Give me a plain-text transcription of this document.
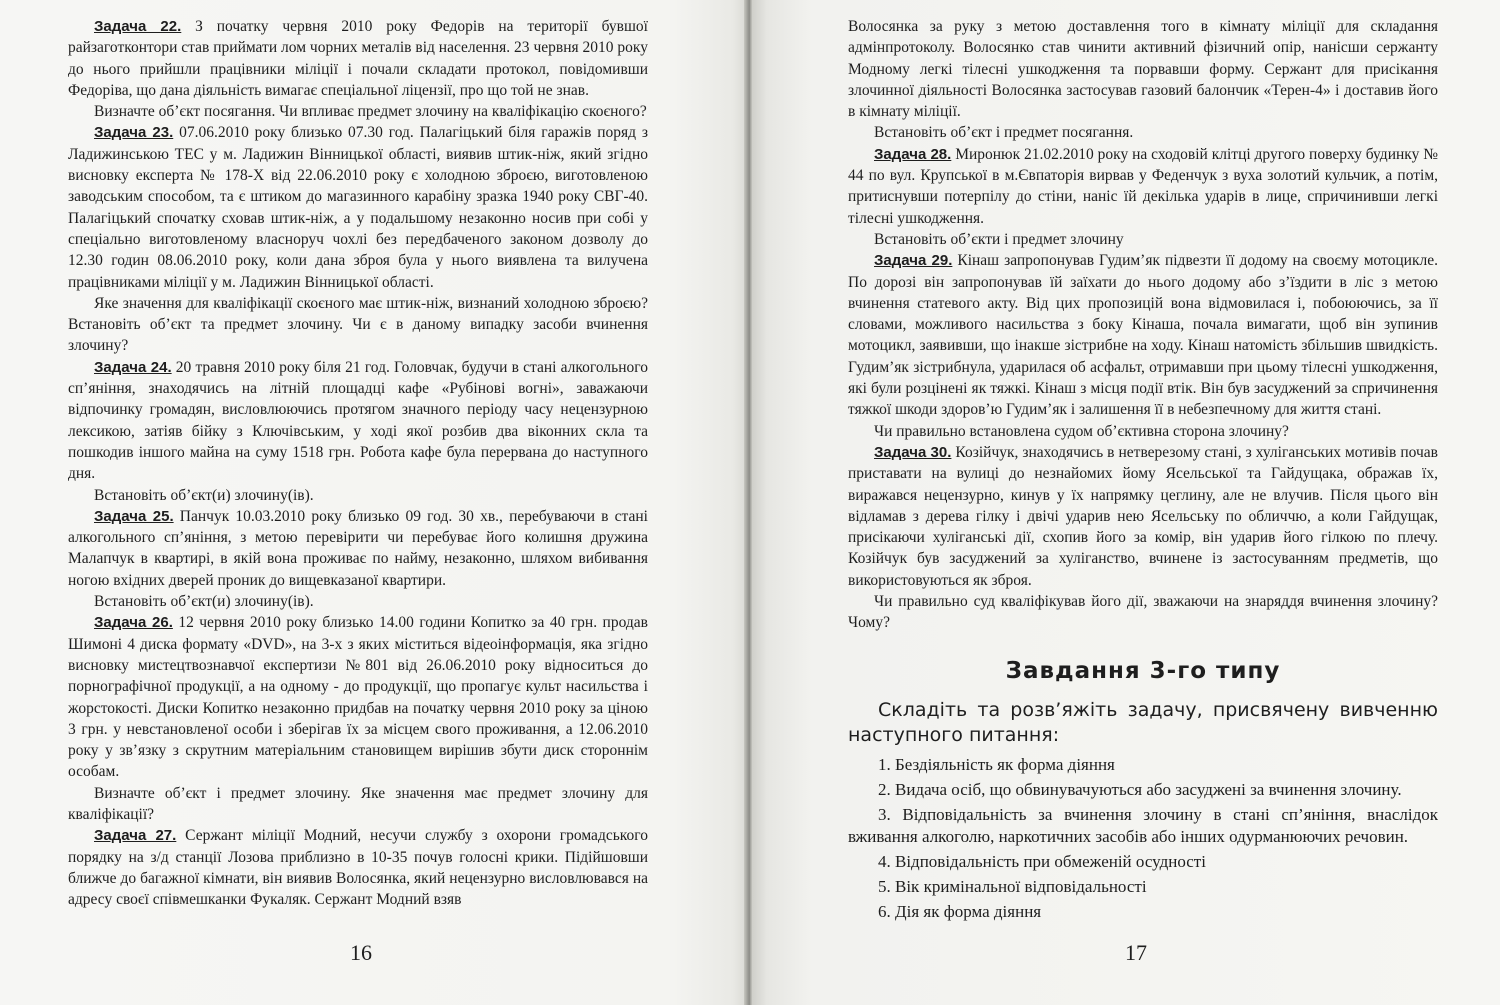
Задача 22. З початку червня 2010 року Федорів на території бувшої райзаготконтори став приймати лом чорних металів від населення. 23 червня 2010 року до нього прийшли працівники міліції і почали складати протокол, повідомивши Федоріва, що дана діяльність вимагає спеціальної ліцензії, про що той не знав.

Визначте об’єкт посягання. Чи впливає предмет злочину на кваліфікацію скоєного?

Задача 23. 07.06.2010 року близько 07.30 год. Палагіцький біля гаражів поряд з Ладижинською ТЕС у м. Ладижин Вінницької області, виявив штик-ніж, який згідно висновку експерта № 178-Х від 22.06.2010 року є холодною зброєю, виготовленою заводським способом, та є штиком до магазинного карабіну зразка 1940 року СВГ-40. Палагіцький спочатку сховав штик-ніж, а у подальшому незаконно носив при собі у спеціально виготовленому власноруч чохлі без передбаченого законом дозволу до 12.30 годин 08.06.2010 року, коли дана зброя була у нього виявлена та вилучена працівниками міліції у м. Ладижин Вінницької області.

Яке значення для кваліфікації скоєного має штик-ніж, визнаний холодною зброєю? Встановіть об’єкт та предмет злочину. Чи є в даному випадку засоби вчинення злочину?

Задача 24. 20 травня 2010 року біля 21 год. Головчак, будучи в стані алкогольного сп’яніння, знаходячись на літній площадці кафе «Рубінові вогні», заважаючи відпочинку громадян, висловлюючись протягом значного періоду часу нецензурною лексикою, затіяв бійку з Ключівським, у ході якої розбив два віконних скла та пошкодив іншого майна на суму 1518 грн. Робота кафе була перервана до наступного дня.

Встановіть об’єкт(и) злочину(ів).

Задача 25. Панчук 10.03.2010 року близько 09 год. 30 хв., перебуваючи в стані алкогольного сп’яніння, з метою перевірити чи перебуває його колишня дружина Малапчук в квартирі, в якій вона проживає по найму, незаконно, шляхом вибивання ногою вхідних дверей проник до вищевказаної квартири.

Встановіть об’єкт(и) злочину(ів).

Задача 26. 12 червня 2010 року близько 14.00 години Копитко за 40 грн. продав Шимоні 4 диска формату «DVD», на 3-х з яких міститься відеоінформація, яка згідно висновку мистецтвознавчої експертизи №801 від 26.06.2010 року відноситься до порнографічної продукції, а на одному - до продукції, що пропагує культ насильства і жорстокості. Диски Копитко незаконно придбав на початку червня 2010 року за ціною 3 грн. у невстановленої особи і зберігав їх за місцем свого проживання, а 12.06.2010 року у зв’язку з скрутним матеріальним становищем вирішив збути диск стороннім особам.

Визначте об’єкт і предмет злочину. Яке значення має предмет злочину для кваліфікації?

Задача 27. Сержант міліції Модний, несучи службу з охорони громадського порядку на з/д станції Лозова приблизно в 10-35 почув голосні крики. Підійшовши ближче до багажної кімнати, він виявив Волосянка, який нецензурно висловлювався на адресу своєї співмешканки Фукаляк. Сержант Модний взяв

16

Волосянка за руку з метою доставлення того в кімнату міліції для складання адмінпротоколу. Волосянко став чинити активний фізичний опір, нанісши сержанту Модному легкі тілесні ушкодження та порвавши форму. Сержант для присікання злочинної діяльності Волосянка застосував газовий балончик «Терен-4» і доставив його в кімнату міліції.

Встановіть об’єкт і предмет посягання.

Задача 28. Миронюк 21.02.2010 року на сходовій клітці другого поверху будинку № 44 по вул. Крупської в м.Євпаторія вирвав у Феденчук з вуха золотий кульчик, а потім, притиснувши потерпілу до стіни, наніс їй декілька ударів в лице, спричинивши легкі тілесні ушкодження.

Встановіть об’єкти і предмет злочину

Задача 29. Кінаш запропонував Гудим’як підвезти її додому на своєму мотоцикле. По дорозі він запропонував їй заїхати до нього додому або з’їздити в ліс з метою вчинення статевого акту. Від цих пропозицій вона відмовилася і, побоюючись, за її словами, можливого насильства з боку Кінаша, почала вимагати, щоб він зупинив мотоцикл, заявивши, що інакше зістрибне на ходу. Кінаш натомість збільшив швидкість. Гудим’як зістрибнула, ударилася об асфальт, отримавши при цьому тілесні ушкодження, які були розцінені як тяжкі. Кінаш з місця події втік. Він був засуджений за спричинення тяжкої шкоди здоров’ю Гудим’як і залишення її в небезпечному для життя стані.

Чи правильно встановлена судом об’єктивна сторона злочину?

Задача 30. Козійчук, знаходячись в нетверезому стані, з хуліганських мотивів почав приставати на вулиці до незнайомих йому Ясельської та Гайдущака, ображав їх, виражався нецензурно, кинув у їх напрямку цеглину, але не влучив. Після цього він відламав з дерева гілку і двічі ударив нею Ясельську по обличчю, а коли Гайдущак, присікаючи хуліганські дії, схопив його за комір, він ударив його гілкою по плечу. Козійчук був засуджений за хуліганство, вчинене із застосуванням предметів, що використовуються як зброя.

Чи правильно суд кваліфікував його дії, зважаючи на знаряддя вчинення злочину? Чому?

Завдання 3-го типу

Складіть та розв’яжіть задачу, присвячену вивченню наступного питання:

1. Бездіяльність як форма діяння
2. Видача осіб, що обвинувачуються або засуджені за вчинення злочину.
3. Відповідальність за вчинення злочину в стані сп’яніння, внаслідок вживання алкоголю, наркотичних засобів або інших одурманюючих речовин.
4. Відповідальність при обмеженій осудності
5. Вік кримінальної відповідальності
6. Дія як форма діяння
17
